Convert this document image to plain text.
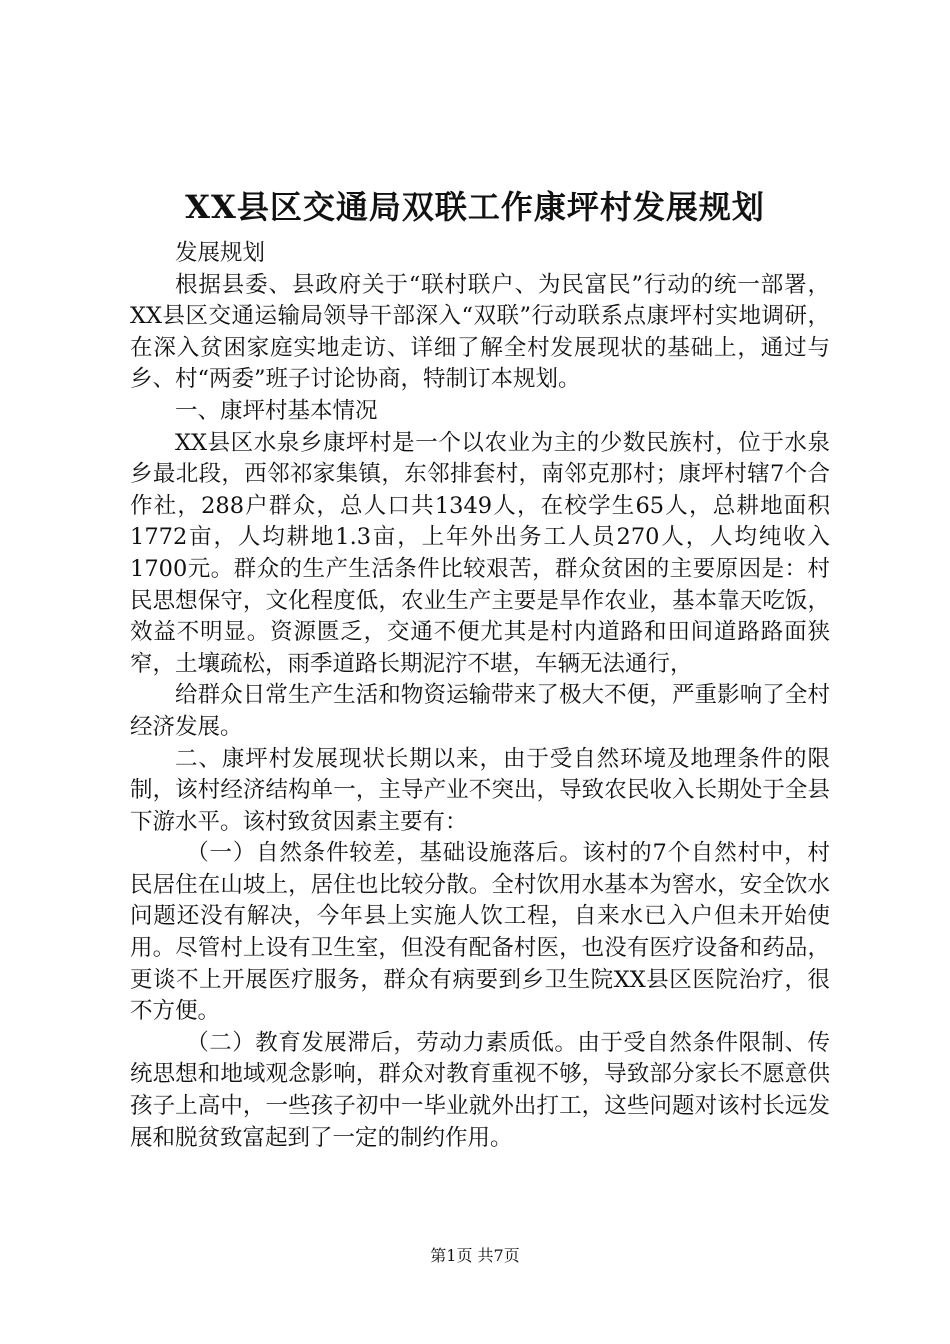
XX县区交通局双联工作康坪村发展规划

发展规划

根据县委、县政府关于“联村联户、为民富民”行动的统一部署，XX县区交通运输局领导干部深入“双联”行动联系点康坪村实地调研，在深入贫困家庭实地走访、详细了解全村发展现状的基础上，通过与乡、村“两委”班子讨论协商，特制订本规划。

一、康坪村基本情况

XX县区水泉乡康坪村是一个以农业为主的少数民族村，位于水泉乡最北段，西邻祁家集镇，东邻排套村，南邻克那村；康坪村辖7个合作社，288户群众，总人口共1349人，在校学生65人，总耕地面积1772亩，人均耕地1.3亩，上年外出务工人员270人，人均纯收入1700元。群众的生产生活条件比较艰苦，群众贫困的主要原因是：村民思想保守，文化程度低，农业生产主要是旱作农业，基本靠天吃饭，效益不明显。资源匮乏，交通不便尤其是村内道路和田间道路路面狭窄，土壤疏松，雨季道路长期泥泞不堪，车辆无法通行，

给群众日常生产生活和物资运输带来了极大不便，严重影响了全村经济发展。

二、康坪村发展现状长期以来，由于受自然环境及地理条件的限制，该村经济结构单一，主导产业不突出，导致农民收入长期处于全县下游水平。该村致贫因素主要有：

（一）自然条件较差，基础设施落后。该村的7个自然村中，村民居住在山坡上，居住也比较分散。全村饮用水基本为窖水，安全饮水问题还没有解决，今年县上实施人饮工程，自来水已入户但未开始使用。尽管村上设有卫生室，但没有配备村医，也没有医疗设备和药品，更谈不上开展医疗服务，群众有病要到乡卫生院XX县区医院治疗，很不方便。

（二）教育发展滞后，劳动力素质低。由于受自然条件限制、传统思想和地域观念影响，群众对教育重视不够，导致部分家长不愿意供孩子上高中，一些孩子初中一毕业就外出打工，这些问题对该村长远发展和脱贫致富起到了一定的制约作用。

第1页 共7页
